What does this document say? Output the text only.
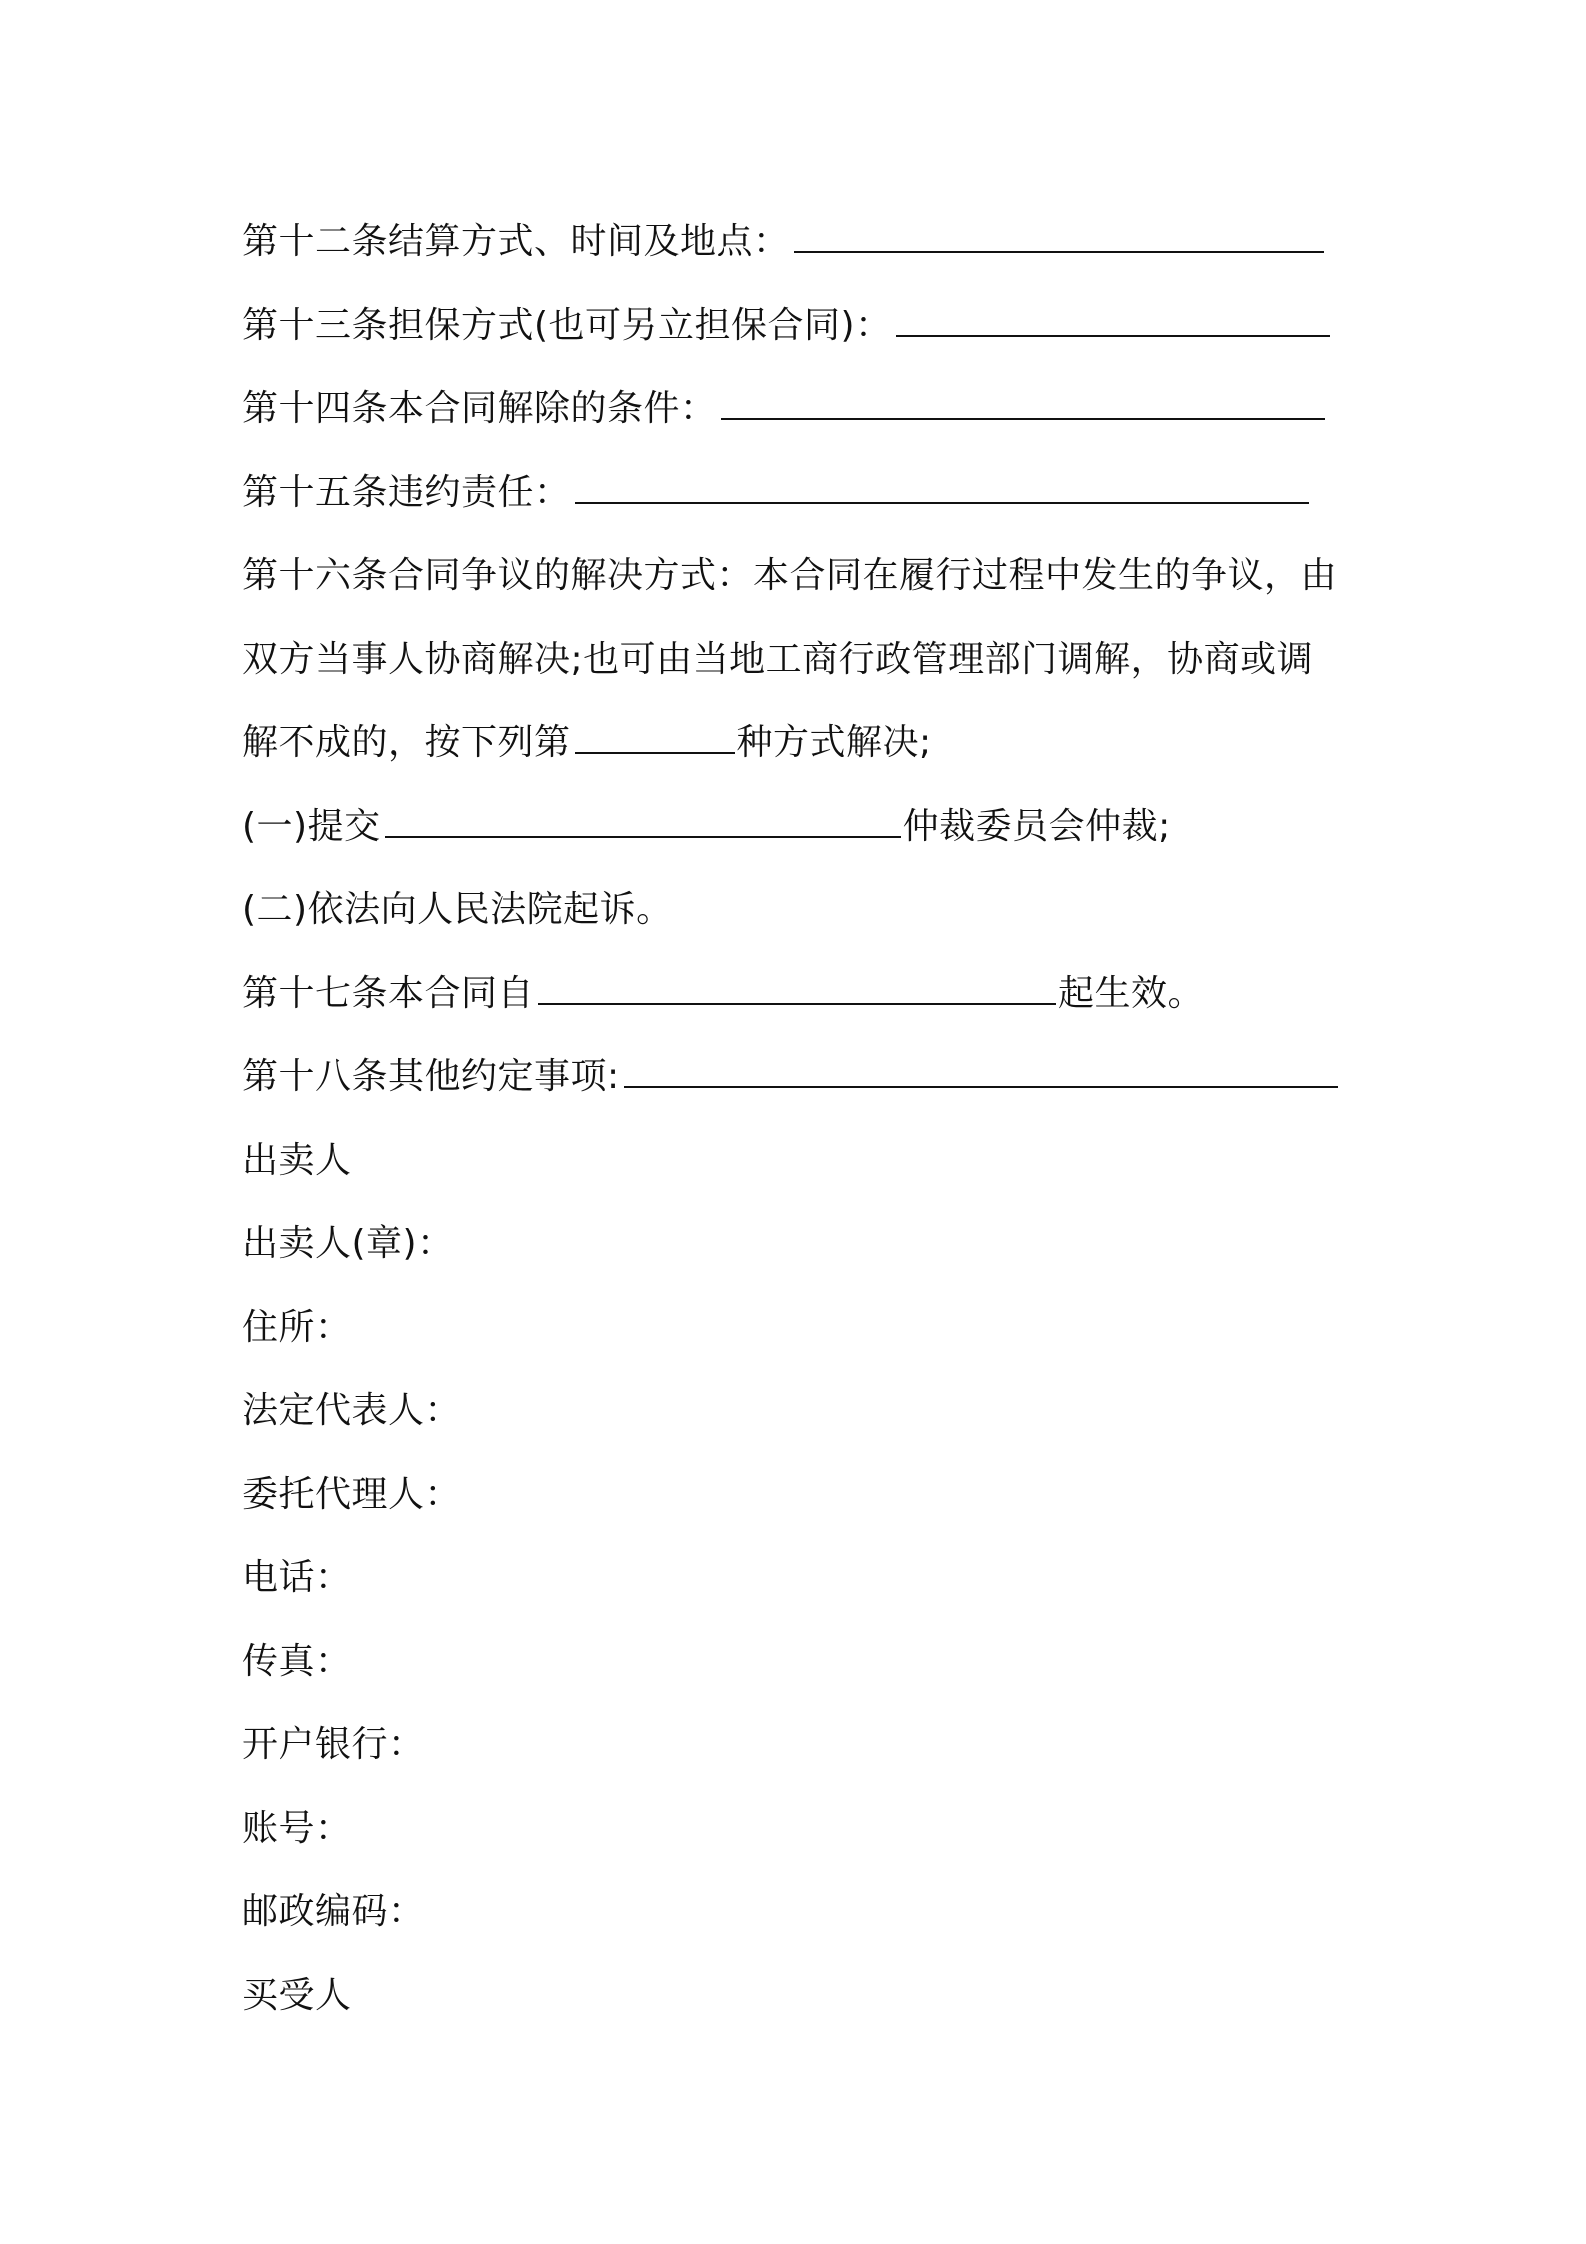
第十二条结算方式、时间及地点：
第十三条担保方式(也可另立担保合同)：
第十四条本合同解除的条件：
第十五条违约责任：
第十六条合同争议的解决方式：本合同在履行过程中发生的争议，由
双方当事人协商解决;也可由当地工商行政管理部门调解，协商或调
解不成的，按下列第	种方式解决;
(一)提交	仲裁委员会仲裁;
(二)依法向人民法院起诉。
第十七条本合同自	起生效。
第十八条其他约定事项:
出卖人
出卖人(章)：
住所：
法定代表人：
委托代理人：
电话：
传真：
开户银行：
账号：
邮政编码：
买受人
